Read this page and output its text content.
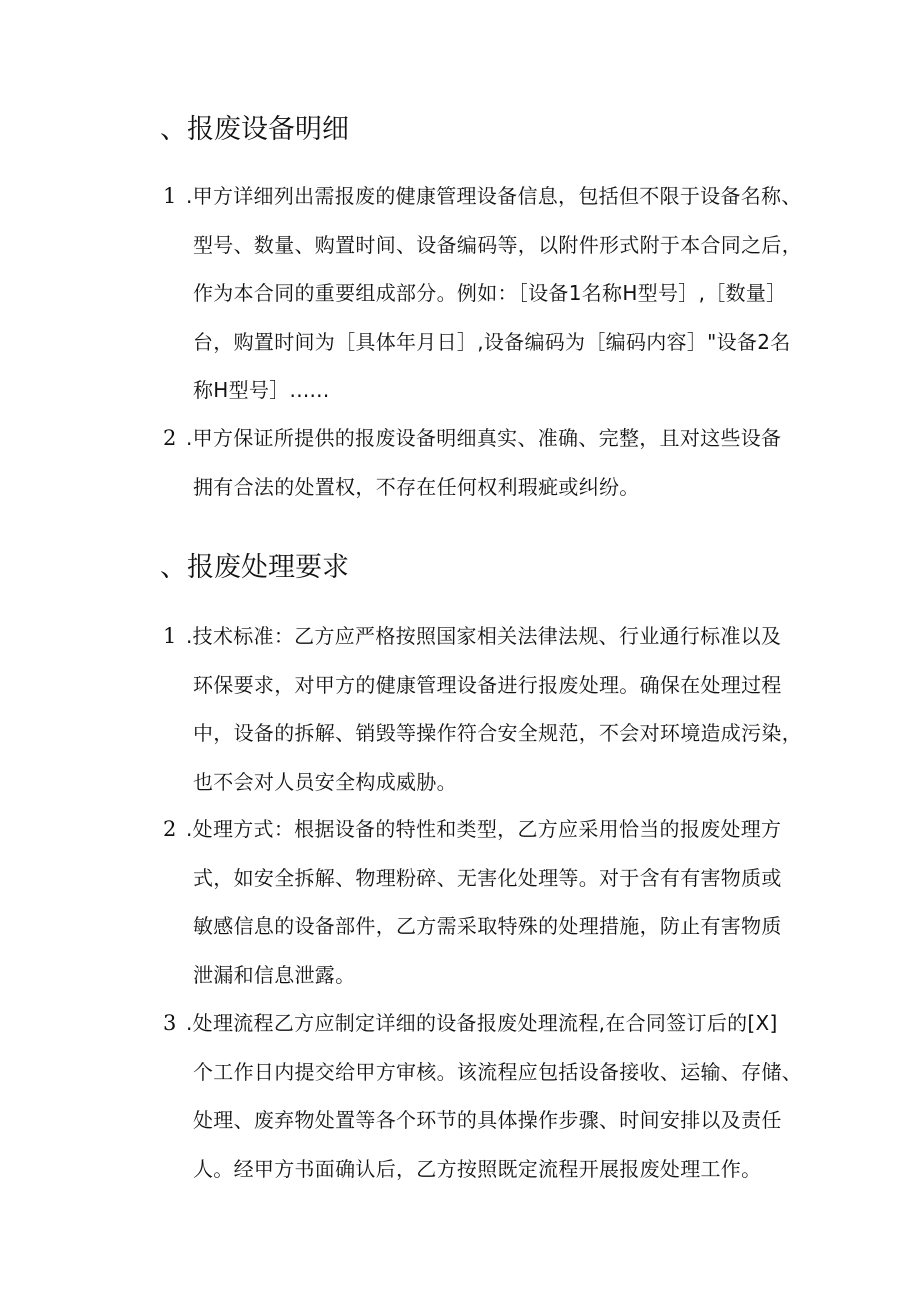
、报废设备明细
1 .甲方详细列出需报废的健康管理设备信息，包括但不限于设备名称、
型号、数量、购置时间、设备编码等，以附件形式附于本合同之后，
作为本合同的重要组成部分。例如：［设备1名称H型号］,［数量］
台，购置时间为［具体年月日］,设备编码为［编码内容］"设备2名
称H型号］......
2 .甲方保证所提供的报废设备明细真实、准确、完整，且对这些设备
拥有合法的处置权，不存在任何权利瑕疵或纠纷。
、报废处理要求
1 .技术标准：乙方应严格按照国家相关法律法规、行业通行标准以及
环保要求，对甲方的健康管理设备进行报废处理。确保在处理过程
中，设备的拆解、销毁等操作符合安全规范，不会对环境造成污染，
也不会对人员安全构成威胁。
2 .处理方式：根据设备的特性和类型，乙方应采用恰当的报废处理方
式，如安全拆解、物理粉碎、无害化处理等。对于含有有害物质或
敏感信息的设备部件，乙方需采取特殊的处理措施，防止有害物质
泄漏和信息泄露。
3 .处理流程乙方应制定详细的设备报废处理流程,在合同签订后的[X]
个工作日内提交给甲方审核。该流程应包括设备接收、运输、存储、
处理、废弃物处置等各个环节的具体操作步骤、时间安排以及责任
人。经甲方书面确认后，乙方按照既定流程开展报废处理工作。
